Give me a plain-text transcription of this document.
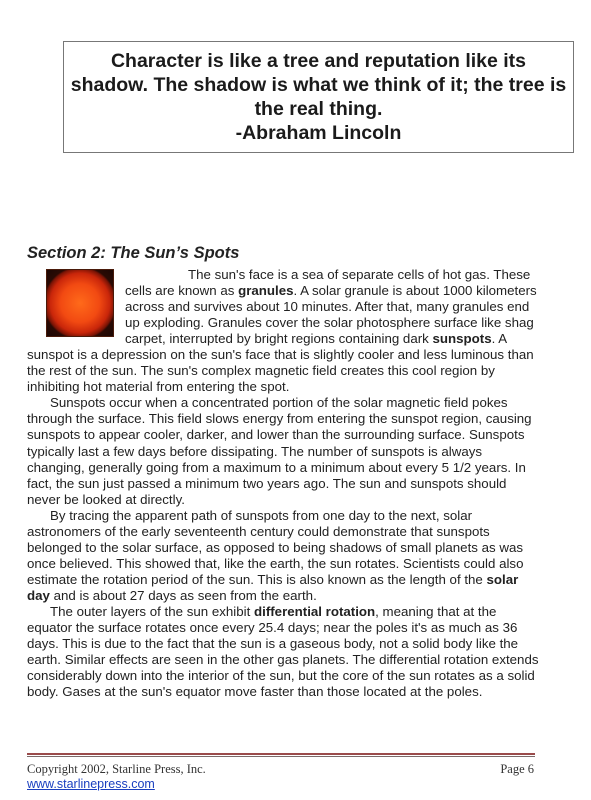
Character is like a tree and reputation like its shadow. The shadow is what we think of it; the tree is the real thing.
-Abraham Lincoln
Section 2: The Sun’s Spots

The sun's face is a sea of separate cells of hot gas. These cells are known as granules. A solar granule is about 1000 kilometers across and survives about 10 minutes. After that, many granules end up exploding. Granules cover the solar photosphere surface like shag carpet, interrupted by bright regions containing dark sunspots. A sunspot is a depression on the sun's face that is slightly cooler and less luminous than the rest of the sun. The sun's complex magnetic field creates this cool region by inhibiting hot material from entering the spot.

Sunspots occur when a concentrated portion of the solar magnetic field pokes through the surface. This field slows energy from entering the sunspot region, causing sunspots to appear cooler, darker, and lower than the surrounding surface. Sunspots typically last a few days before dissipating. The number of sunspots is always changing, generally going from a maximum to a minimum about every 5 1/2 years. In fact, the sun just passed a minimum two years ago. The sun and sunspots should never be looked at directly.

By tracing the apparent path of sunspots from one day to the next, solar astronomers of the early seventeenth century could demonstrate that sunspots belonged to the solar surface, as opposed to being shadows of small planets as was once believed. This showed that, like the earth, the sun rotates. Scientists could also estimate the rotation period of the sun. This is also known as the length of the solar day and is about 27 days as seen from the earth.

The outer layers of the sun exhibit differential rotation, meaning that at the equator the surface rotates once every 25.4 days; near the poles it's as much as 36 days. This is due to the fact that the sun is a gaseous body, not a solid body like the earth. Similar effects are seen in the other gas planets. The differential rotation extends considerably down into the interior of the sun, but the core of the sun rotates as a solid body. Gases at the sun's equator move faster than those located at the poles.

Copyright 2002, Starline Press, Inc.
www.starlinepress.com
Page 6
